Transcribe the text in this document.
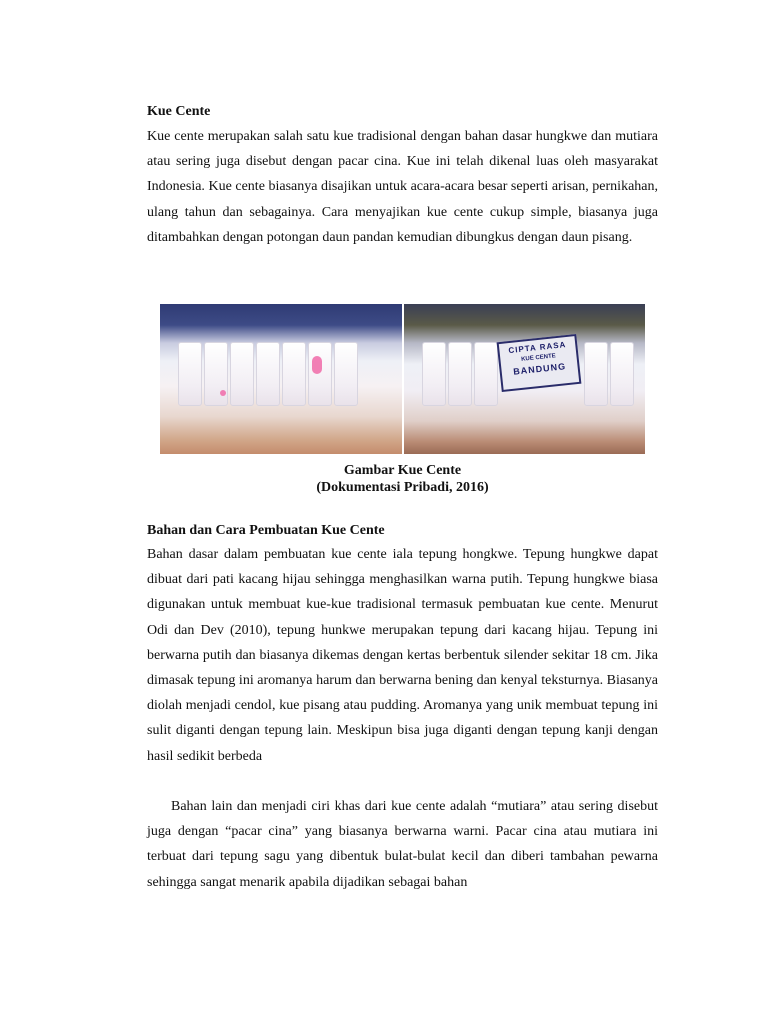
Kue Cente

Kue cente merupakan salah satu kue tradisional dengan bahan dasar hungkwe dan mutiara atau sering juga disebut dengan pacar cina. Kue ini telah dikenal luas oleh masyarakat Indonesia. Kue cente biasanya disajikan untuk acara-acara besar seperti arisan, pernikahan, ulang tahun dan sebagainya. Cara menyajikan kue cente cukup simple, biasanya juga ditambahkan dengan potongan daun pandan kemudian dibungkus dengan daun pisang.

CIPTA RASA
KUE CENTE
BANDUNG
Gambar Kue Cente
(Dokumentasi Pribadi, 2016)
Bahan dan Cara Pembuatan Kue Cente

Bahan dasar dalam pembuatan kue cente iala tepung hongkwe. Tepung hungkwe dapat dibuat dari pati kacang hijau sehingga menghasilkan warna putih. Tepung hungkwe biasa digunakan untuk membuat kue-kue tradisional termasuk pembuatan kue cente. Menurut Odi dan Dev (2010), tepung hunkwe merupakan tepung dari kacang hijau. Tepung ini berwarna putih dan biasanya dikemas dengan kertas berbentuk silender sekitar 18 cm. Jika dimasak tepung ini aromanya harum dan berwarna bening dan kenyal teksturnya. Biasanya diolah menjadi cendol, kue pisang atau pudding. Aromanya yang unik membuat tepung ini sulit diganti dengan tepung lain. Meskipun bisa juga diganti dengan tepung kanji dengan hasil sedikit berbeda

Bahan lain dan menjadi ciri khas dari kue cente adalah “mutiara” atau sering disebut juga dengan “pacar cina” yang biasanya berwarna warni. Pacar cina atau mutiara ini terbuat dari tepung sagu yang dibentuk bulat-bulat kecil dan diberi tambahan pewarna sehingga sangat menarik apabila dijadikan sebagai bahan
